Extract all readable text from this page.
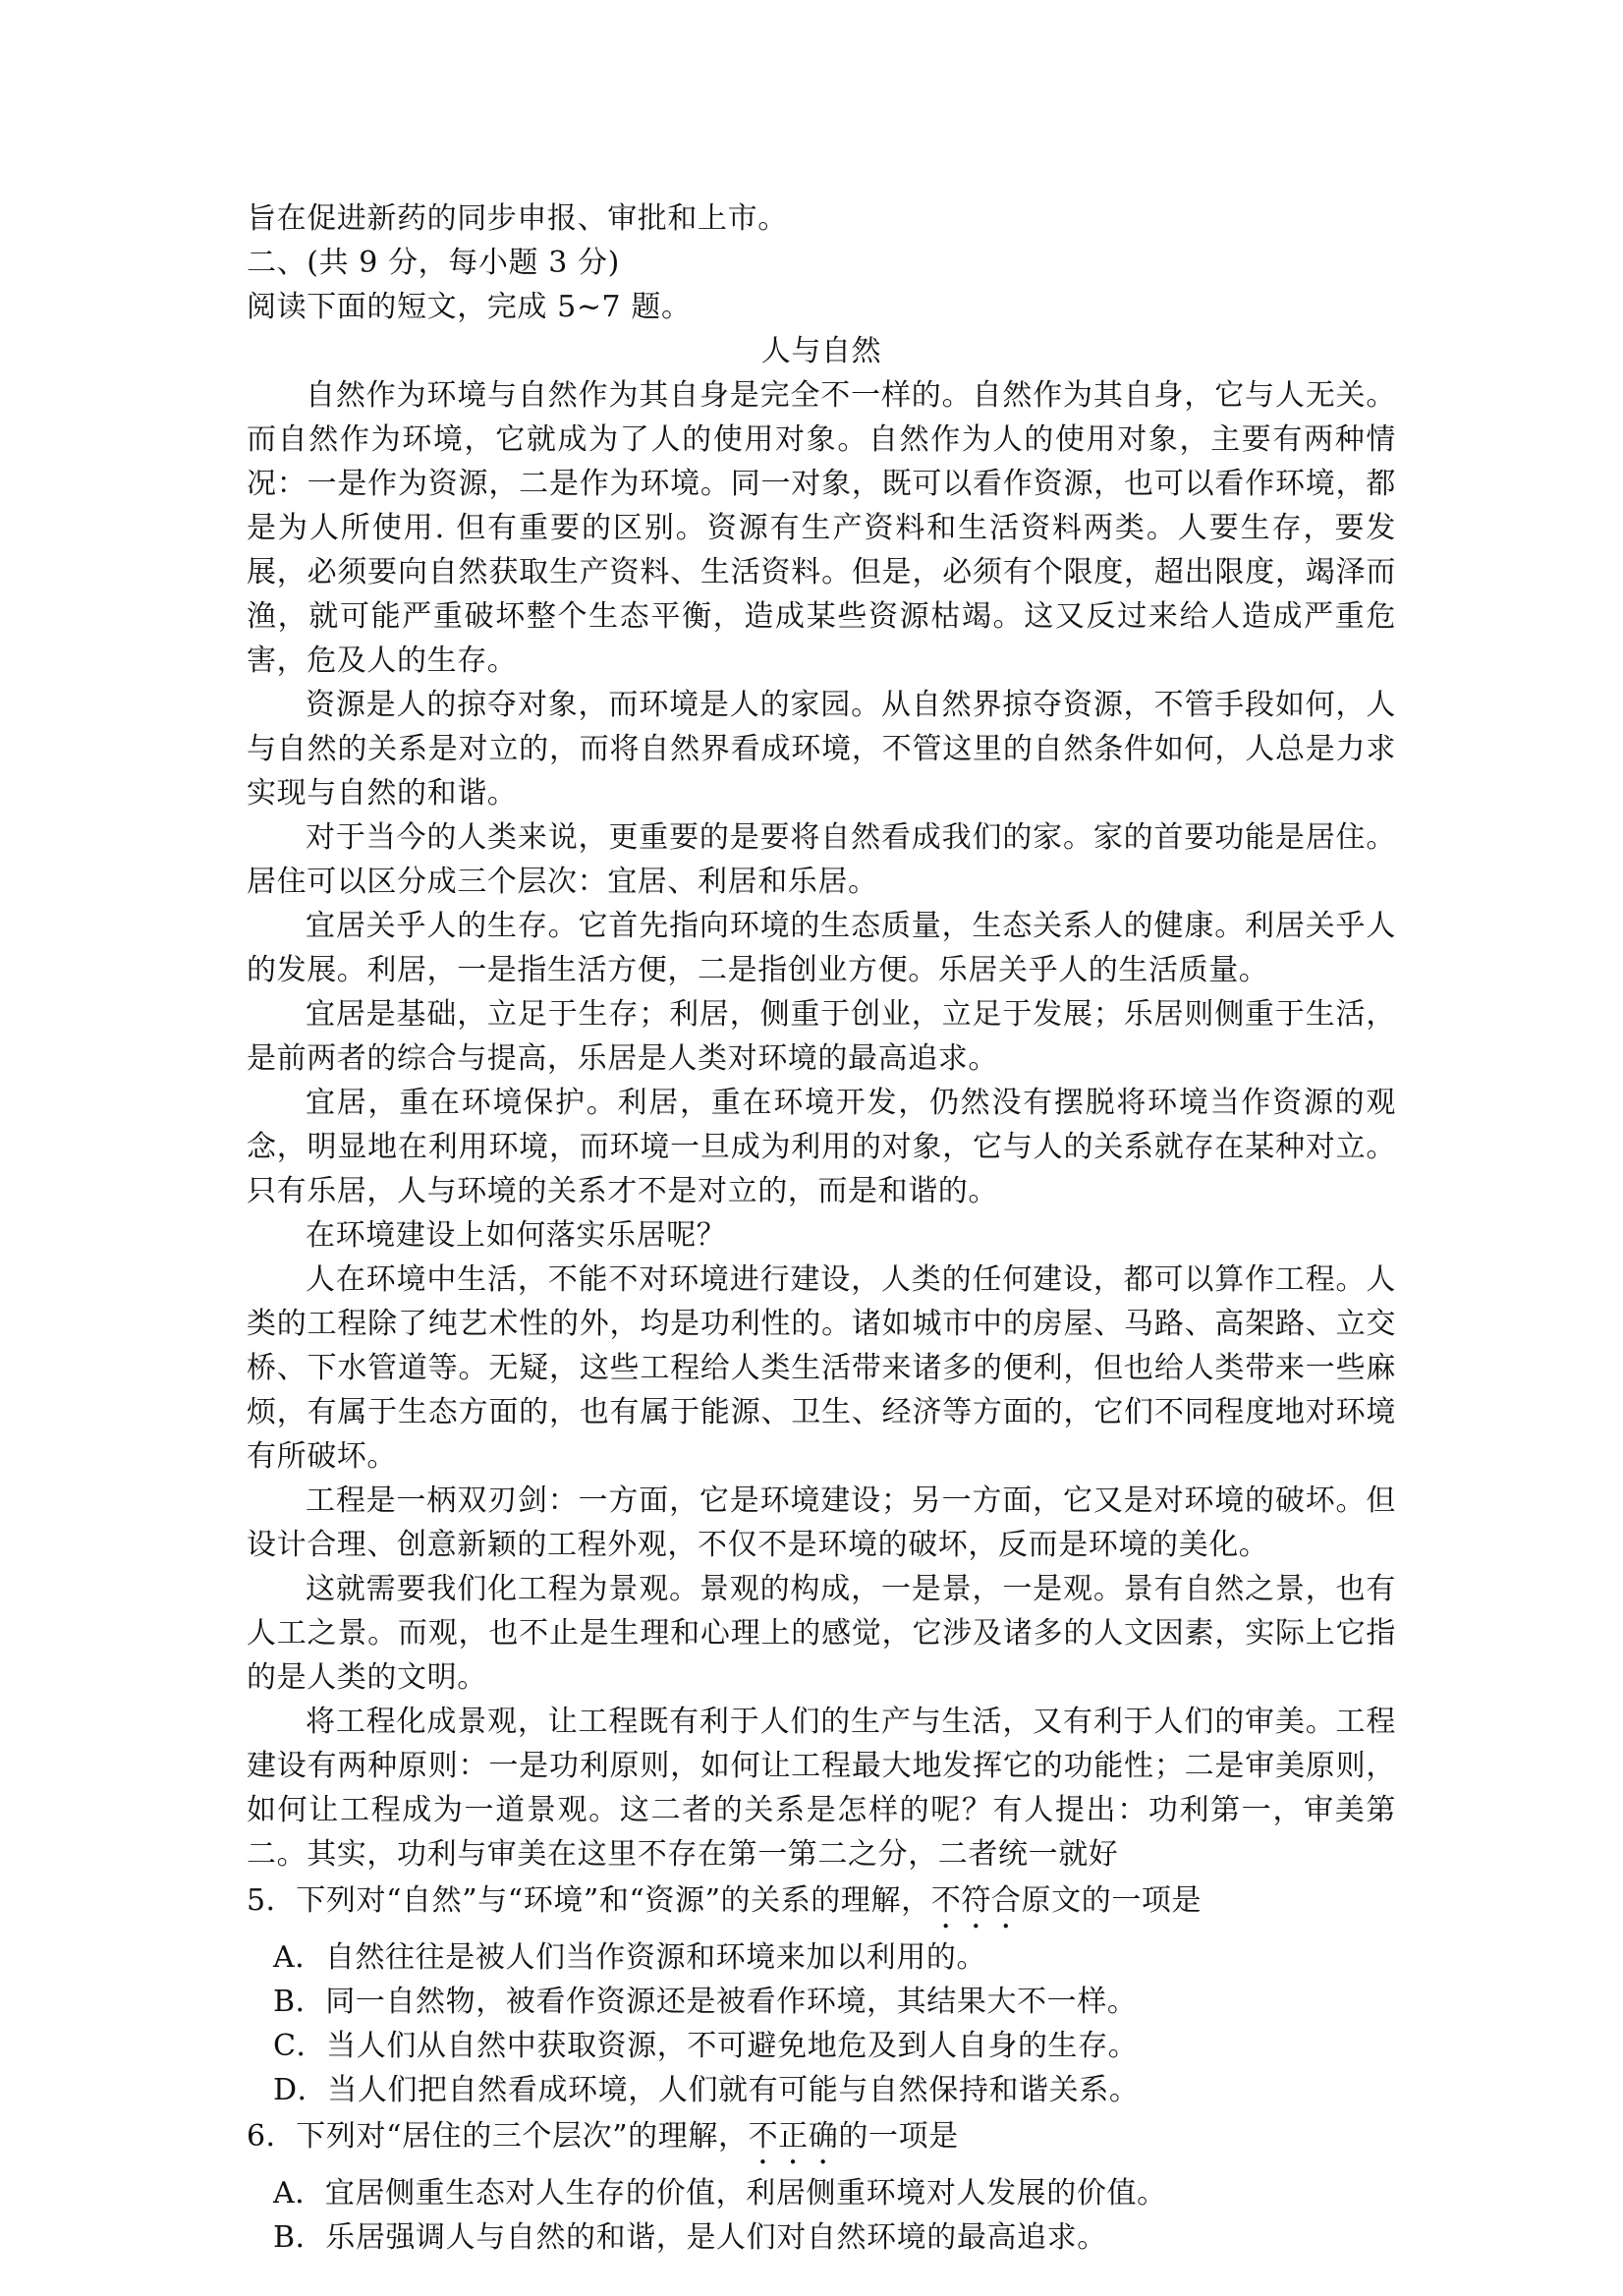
旨在促进新药的同步申报、审批和上市。

二、(共 9 分，每小题 3 分)

阅读下面的短文，完成 5~7 题。

人与自然

自然作为环境与自然作为其自身是完全不一样的。自然作为其自身，它与人无关。而自然作为环境，它就成为了人的使用对象。自然作为人的使用对象，主要有两种情况：一是作为资源，二是作为环境。同一对象，既可以看作资源，也可以看作环境，都是为人所使用. 但有重要的区别。资源有生产资料和生活资料两类。人要生存，要发展，必须要向自然获取生产资料、生活资料。但是，必须有个限度，超出限度，竭泽而渔，就可能严重破坏整个生态平衡，造成某些资源枯竭。这又反过来给人造成严重危害，危及人的生存。

资源是人的掠夺对象，而环境是人的家园。从自然界掠夺资源，不管手段如何，人与自然的关系是对立的，而将自然界看成环境，不管这里的自然条件如何，人总是力求实现与自然的和谐。

对于当今的人类来说，更重要的是要将自然看成我们的家。家的首要功能是居住。居住可以区分成三个层次：宜居、利居和乐居。

宜居关乎人的生存。它首先指向环境的生态质量，生态关系人的健康。利居关乎人的发展。利居，一是指生活方便，二是指创业方便。乐居关乎人的生活质量。

宜居是基础，立足于生存；利居，侧重于创业，立足于发展；乐居则侧重于生活，是前两者的综合与提高，乐居是人类对环境的最高追求。

宜居，重在环境保护。利居，重在环境开发，仍然没有摆脱将环境当作资源的观念，明显地在利用环境，而环境一旦成为利用的对象，它与人的关系就存在某种对立。只有乐居，人与环境的关系才不是对立的，而是和谐的。

在环境建设上如何落实乐居呢？

人在环境中生活，不能不对环境进行建设，人类的任何建设，都可以算作工程。人类的工程除了纯艺术性的外，均是功利性的。诸如城市中的房屋、马路、高架路、立交桥、下水管道等。无疑，这些工程给人类生活带来诸多的便利，但也给人类带来一些麻烦，有属于生态方面的，也有属于能源、卫生、经济等方面的，它们不同程度地对环境有所破坏。

工程是一柄双刃剑：一方面，它是环境建设；另一方面，它又是对环境的破坏。但设计合理、创意新颖的工程外观，不仅不是环境的破坏，反而是环境的美化。

这就需要我们化工程为景观。景观的构成，一是景，一是观。景有自然之景，也有人工之景。而观，也不止是生理和心理上的感觉，它涉及诸多的人文因素，实际上它指的是人类的文明。

将工程化成景观，让工程既有利于人们的生产与生活，又有利于人们的审美。工程建设有两种原则：一是功利原则，如何让工程最大地发挥它的功能性；二是审美原则，如何让工程成为一道景观。这二者的关系是怎样的呢？有人提出：功利第一，审美第二。其实，功利与审美在这里不存在第一第二之分，二者统一就好

5．下列对“自然”与“环境”和“资源”的关系的理解，不符合原文的一项是

A．自然往往是被人们当作资源和环境来加以利用的。

B．同一自然物，被看作资源还是被看作环境，其结果大不一样。

C．当人们从自然中获取资源，不可避免地危及到人自身的生存。

D．当人们把自然看成环境，人们就有可能与自然保持和谐关系。

6．下列对“居住的三个层次”的理解，不正确的一项是

A．宜居侧重生态对人生存的价值，利居侧重环境对人发展的价值。

B．乐居强调人与自然的和谐，是人们对自然环境的最高追求。
